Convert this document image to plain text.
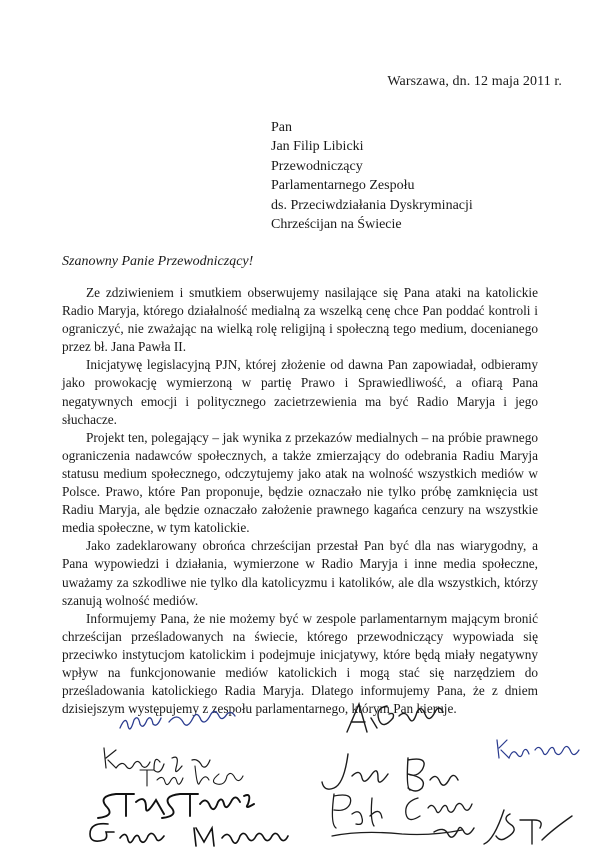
Warszawa, dn. 12 maja 2011 r.
Pan
Jan Filip Libicki
Przewodniczący
Parlamentarnego Zespołu
ds. Przeciwdziałania Dyskryminacji
Chrześcijan na Świecie
Szanowny Panie Przewodniczący!

Ze zdziwieniem i smutkiem obserwujemy nasilające się Pana ataki na katolickie Radio Maryja, którego działalność medialną za wszelką cenę chce Pan poddać kontroli i ograniczyć, nie zważając na wielką rolę religijną i społeczną tego medium, docenianego przez bł. Jana Pawła II.

Inicjatywę legislacyjną PJN, której złożenie od dawna Pan zapowiadał, odbieramy jako prowokację wymierzoną w partię Prawo i Sprawiedliwość, a ofiarą Pana negatywnych emocji i politycznego zacietrzewienia ma być Radio Maryja i jego słuchacze.

Projekt ten, polegający – jak wynika z przekazów medialnych – na próbie prawnego ograniczenia nadawców społecznych, a także zmierzający do odebrania Radiu Maryja statusu medium społecznego, odczytujemy jako atak na wolność wszystkich mediów w Polsce. Prawo, które Pan proponuje, będzie oznaczało nie tylko próbę zamknięcia ust Radiu Maryja, ale będzie oznaczało założenie prawnego kagańca cenzury na wszystkie media społeczne, w tym katolickie.

Jako zadeklarowany obrońca chrześcijan przestał Pan być dla nas wiarygodny, a Pana wypowiedzi i działania, wymierzone w Radio Maryja i inne media społeczne, uważamy za szkodliwe nie tylko dla katolicyzmu i katolików, ale dla wszystkich, którzy szanują wolność mediów.

Informujemy Pana, że nie możemy być w zespole parlamentarnym mającym bronić chrześcijan prześladowanych na świecie, którego przewodniczący wypowiada się przeciwko instytucjom katolickim i podejmuje inicjatywy, które będą miały negatywny wpływ na funkcjonowanie mediów katolickich i mogą stać się narzędziem do prześladowania katolickiego Radia Maryja. Dlatego informujemy Pana, że z dniem dzisiejszym występujemy z zespołu parlamentarnego, którym Pan kieruje.
